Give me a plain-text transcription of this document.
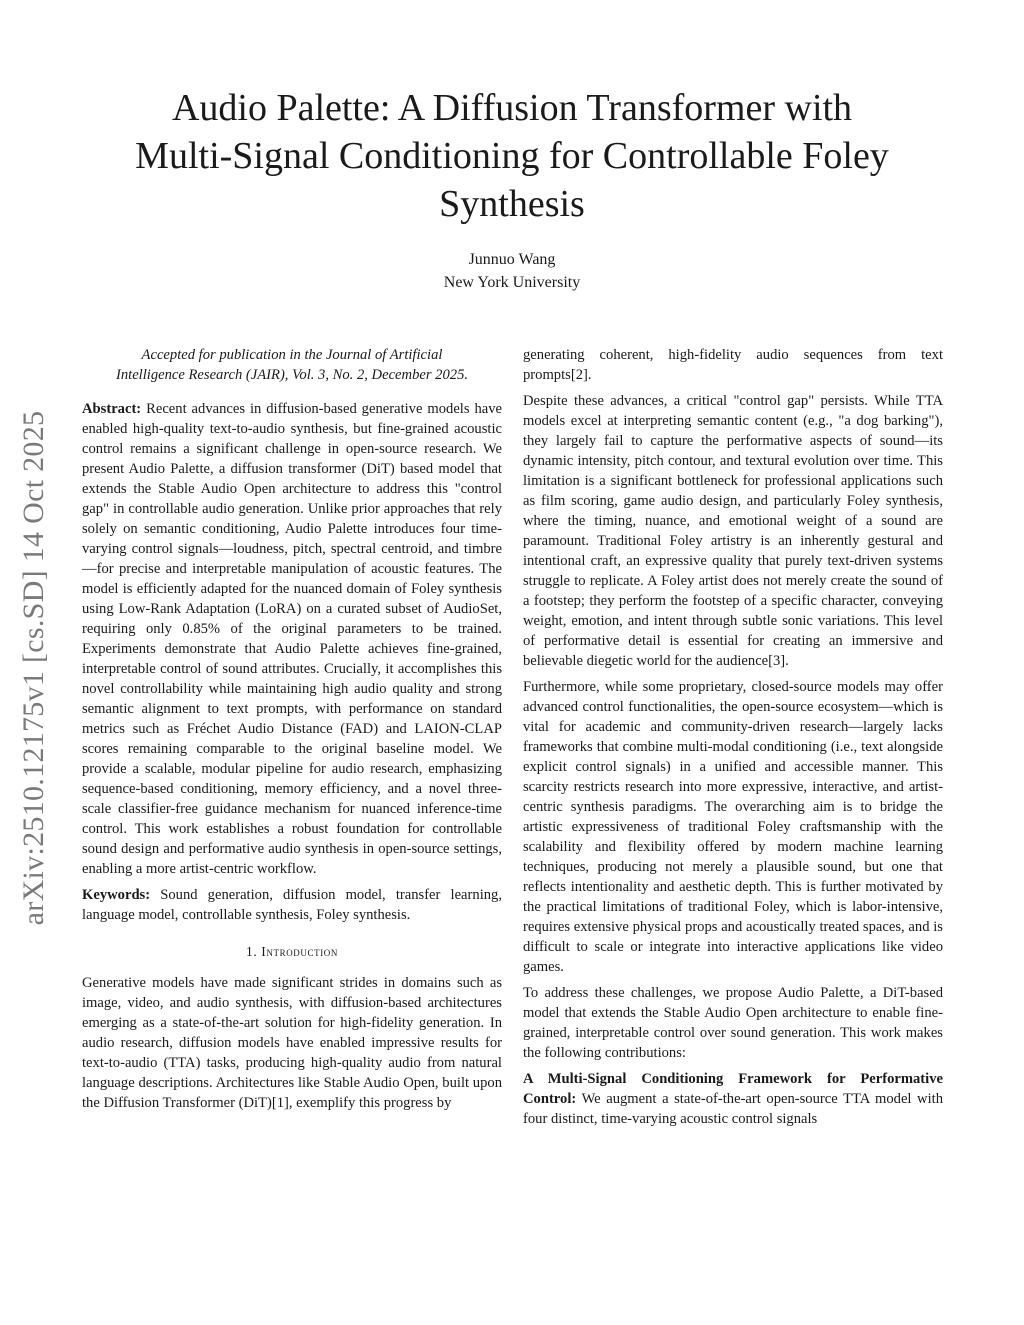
arXiv:2510.12175v1 [cs.SD] 14 Oct 2025
Audio Palette: A Diffusion Transformer with
Multi-Signal Conditioning for Controllable Foley
Synthesis
Junnuo Wang
New York University

Accepted for publication in the Journal of Artificial
Intelligence Research (JAIR), Vol. 3, No. 2, December 2025.

Abstract: Recent advances in diffusion-based generative models have enabled high-quality text-to-audio synthesis, but fine-grained acoustic control remains a significant challenge in open-source research. We present Audio Palette, a diffusion transformer (DiT) based model that extends the Stable Audio Open architecture to address this "control gap" in controllable audio generation. Unlike prior approaches that rely solely on semantic conditioning, Audio Palette introduces four time-varying control signals—loudness, pitch, spectral centroid, and timbre—for precise and interpretable manipulation of acoustic features. The model is efficiently adapted for the nuanced domain of Foley synthesis using Low-Rank Adaptation (LoRA) on a curated subset of AudioSet, requiring only 0.85% of the original parameters to be trained. Experiments demonstrate that Audio Palette achieves fine-grained, interpretable control of sound attributes. Crucially, it accomplishes this novel controllability while maintaining high audio quality and strong semantic alignment to text prompts, with performance on standard metrics such as Fréchet Audio Distance (FAD) and LAION-CLAP scores remaining comparable to the original baseline model. We provide a scalable, modular pipeline for audio research, emphasizing sequence-based conditioning, memory efficiency, and a novel three-scale classifier-free guidance mechanism for nuanced inference-time control. This work establishes a robust foundation for controllable sound design and performative audio synthesis in open-source settings, enabling a more artist-centric workflow.

Keywords: Sound generation, diffusion model, transfer learning, language model, controllable synthesis, Foley synthesis.

1. Introduction

Generative models have made significant strides in domains such as image, video, and audio synthesis, with diffusion-based architectures emerging as a state-of-the-art solution for high-fidelity generation. In audio research, diffusion models have enabled impressive results for text-to-audio (TTA) tasks, producing high-quality audio from natural language descriptions. Architectures like Stable Audio Open, built upon the Diffusion Transformer (DiT)[1], exemplify this progress by

generating coherent, high-fidelity audio sequences from text prompts[2].

Despite these advances, a critical "control gap" persists. While TTA models excel at interpreting semantic content (e.g., "a dog barking"), they largely fail to capture the performative aspects of sound—its dynamic intensity, pitch contour, and textural evolution over time. This limitation is a significant bottleneck for professional applications such as film scoring, game audio design, and particularly Foley synthesis, where the timing, nuance, and emotional weight of a sound are paramount. Traditional Foley artistry is an inherently gestural and intentional craft, an expressive quality that purely text-driven systems struggle to replicate. A Foley artist does not merely create the sound of a footstep; they perform the footstep of a specific character, conveying weight, emotion, and intent through subtle sonic variations. This level of performative detail is essential for creating an immersive and believable diegetic world for the audience[3].

Furthermore, while some proprietary, closed-source models may offer advanced control functionalities, the open-source ecosystem—which is vital for academic and community-driven research—largely lacks frameworks that combine multi-modal conditioning (i.e., text alongside explicit control signals) in a unified and accessible manner. This scarcity restricts research into more expressive, interactive, and artist-centric synthesis paradigms. The overarching aim is to bridge the artistic expressiveness of traditional Foley craftsmanship with the scalability and flexibility offered by modern machine learning techniques, producing not merely a plausible sound, but one that reflects intentionality and aesthetic depth. This is further motivated by the practical limitations of traditional Foley, which is labor-intensive, requires extensive physical props and acoustically treated spaces, and is difficult to scale or integrate into interactive applications like video games.

To address these challenges, we propose Audio Palette, a DiT-based model that extends the Stable Audio Open architecture to enable fine-grained, interpretable control over sound generation. This work makes the following contributions:

A Multi-Signal Conditioning Framework for Performative Control: We augment a state-of-the-art open-source TTA model with four distinct, time-varying acoustic control signals
